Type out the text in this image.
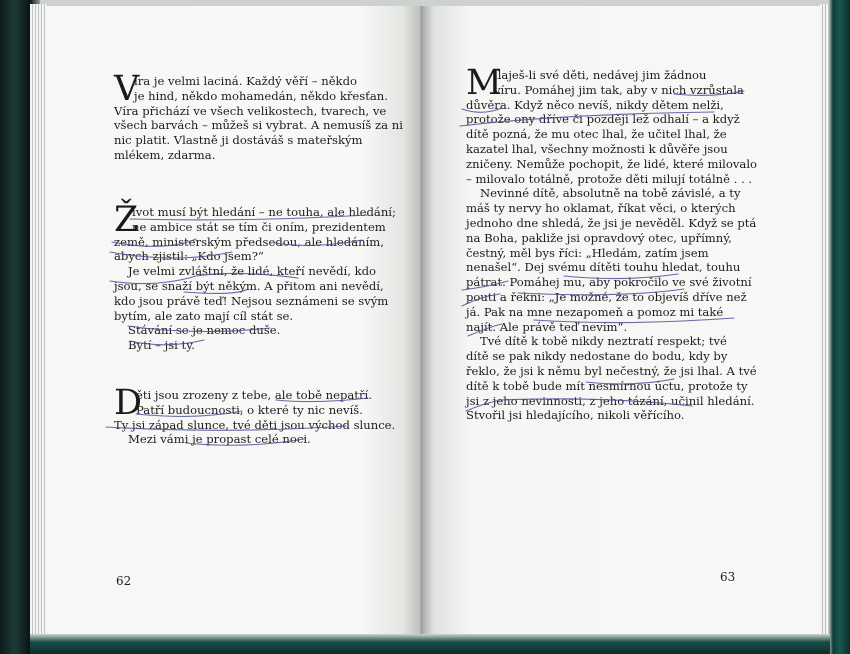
V
íra je velmi laciná. Každý věří – někdo
je hind, někdo mohamedán, někdo křesťan.
Víra přichází ve všech velikostech, tvarech, ve
všech barvách – můžeš si vybrat. A nemusíš za ni
nic platit. Vlastně ji dostáváš s mateřským
mlékem, zdarma.
Ž
ivot musí být hledání – ne touha, ale hledání;
ne ambice stát se tím či oním, prezidentem
země, ministerským předsedou, ale hledáním,
abych zjistil: „Kdo jsem?“
Je velmi zvláštní, že lidé, kteří nevědí, kdo
jsou, se snaží být někým. A přitom ani nevědí,
kdo jsou právě teď! Nejsou seznámeni se svým
bytím, ale zato mají cíl stát se.
Stávání se je nemoc duše.
Bytí – jsi ty.
D
ěti jsou zrozeny z tebe, ale tobě nepatří.
Patří budoucnosti, o které ty nic nevíš.
Ty jsi západ slunce, tvé děti jsou východ slunce.
Mezi vámi je propast celé noci.
62
M
ilaješ-li své děti, nedávej jim žádnou
víru. Pomáhej jim tak, aby v nich vzrůstala
důvěra. Když něco nevíš, nikdy dětem nelži,
protože ony dříve či později lež odhalí – a když
dítě pozná, že mu otec lhal, že učitel lhal, že
kazatel lhal, všechny možnosti k důvěře jsou
zničeny. Nemůže pochopit, že lidé, které milovalo
– milovalo totálně, protože děti milují totálně . . .
Nevinné dítě, absolutně na tobě závislé, a ty
máš ty nervy ho oklamat, říkat věci, o kterých
jednoho dne shledá, že jsi je nevěděl. Když se ptá
na Boha, pakliže jsi opravdový otec, upřímný,
čestný, měl bys říci: „Hledám, zatím jsem
nenašel“. Dej svému dítěti touhu hledat, touhu
pátrat. Pomáhej mu, aby pokročilo ve své životní
pouti a řekni: „Je možné, že to objevíš dříve než
já. Pak na mne nezapomeň a pomoz mi také
najít. Ale právě teď nevím“.
Tvé dítě k tobě nikdy neztratí respekt; tvé
dítě se pak nikdy nedostane do bodu, kdy by
řeklo, že jsi k němu byl nečestný, že jsi lhal. A tvé
dítě k tobě bude mít nesmírnou úctu, protože ty
jsi z jeho nevinnosti, z jeho tázání, učinil hledání.
Stvořil jsi hledajícího, nikoli věřícího.
63
